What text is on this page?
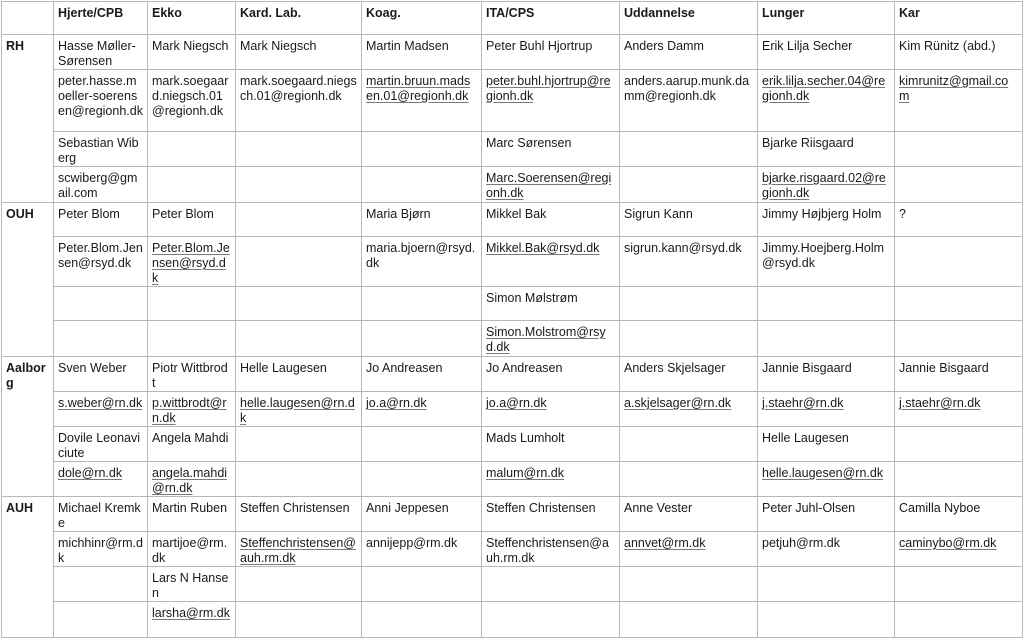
	Hjerte/CPB	Ekko	Kard. Lab.	Koag.	ITA/CPS	Uddannelse	Lunger	Kar
RH	Hasse Møller-Sørensen	Mark Niegsch	Mark Niegsch	Martin Madsen	Peter Buhl Hjortrup	Anders Damm	Erik Lilja Secher	Kim Rünitz (abd.)
	peter.hasse.moeller-soerensen@regionh.dk	mark.soegaard.niegsch.01@regionh.dk	mark.soegaard.niegsch.01@regionh.dk	martin.bruun.madsen.01@regionh.dk	peter.buhl.hjortrup@regionh.dk	anders.aarup.munk.damm@regionh.dk	erik.lilja.secher.04@regionh.dk	kimrunitz@gmail.com
	Sebastian Wiberg				Marc Sørensen		Bjarke Riisgaard	
	scwiberg@gmail.com				Marc.Soerensen@regionh.dk		bjarke.risgaard.02@regionh.dk	
OUH	Peter Blom	Peter Blom		Maria Bjørn	Mikkel Bak	Sigrun Kann	Jimmy Højbjerg Holm	?
	Peter.Blom.Jensen@rsyd.dk	Peter.Blom.Jensen@rsyd.dk		maria.bjoern@rsyd.dk	Mikkel.Bak@rsyd.dk	sigrun.kann@rsyd.dk	Jimmy.Hoejberg.Holm@rsyd.dk	
					Simon Mølstrøm			
					Simon.Molstrom@rsyd.dk			
Aalborg	Sven Weber	Piotr Wittbrodt	Helle Laugesen	Jo Andreasen	Jo Andreasen	Anders Skjelsager	Jannie Bisgaard	Jannie Bisgaard
	s.weber@rn.dk	p.wittbrodt@rn.dk	helle.laugesen@rn.dk	jo.a@rn.dk	jo.a@rn.dk	a.skjelsager@rn.dk	j.staehr@rn.dk	j.staehr@rn.dk
	Dovile Leonaviciute	Angela Mahdi			Mads Lumholt		Helle Laugesen	
	dole@rn.dk	angela.mahdi@rn.dk			malum@rn.dk		helle.laugesen@rn.dk	
AUH	Michael Kremke	Martin Ruben	Steffen Christensen	Anni Jeppesen	Steffen Christensen	Anne Vester	Peter Juhl-Olsen	Camilla Nyboe
	michhinr@rm.dk	martijoe@rm.dk	Steffenchristensen@auh.rm.dk	annijepp@rm.dk	Steffenchristensen@auh.rm.dk	annvet@rm.dk	petjuh@rm.dk	caminybo@rm.dk
		Lars N Hansen						
		larsha@rm.dk						
